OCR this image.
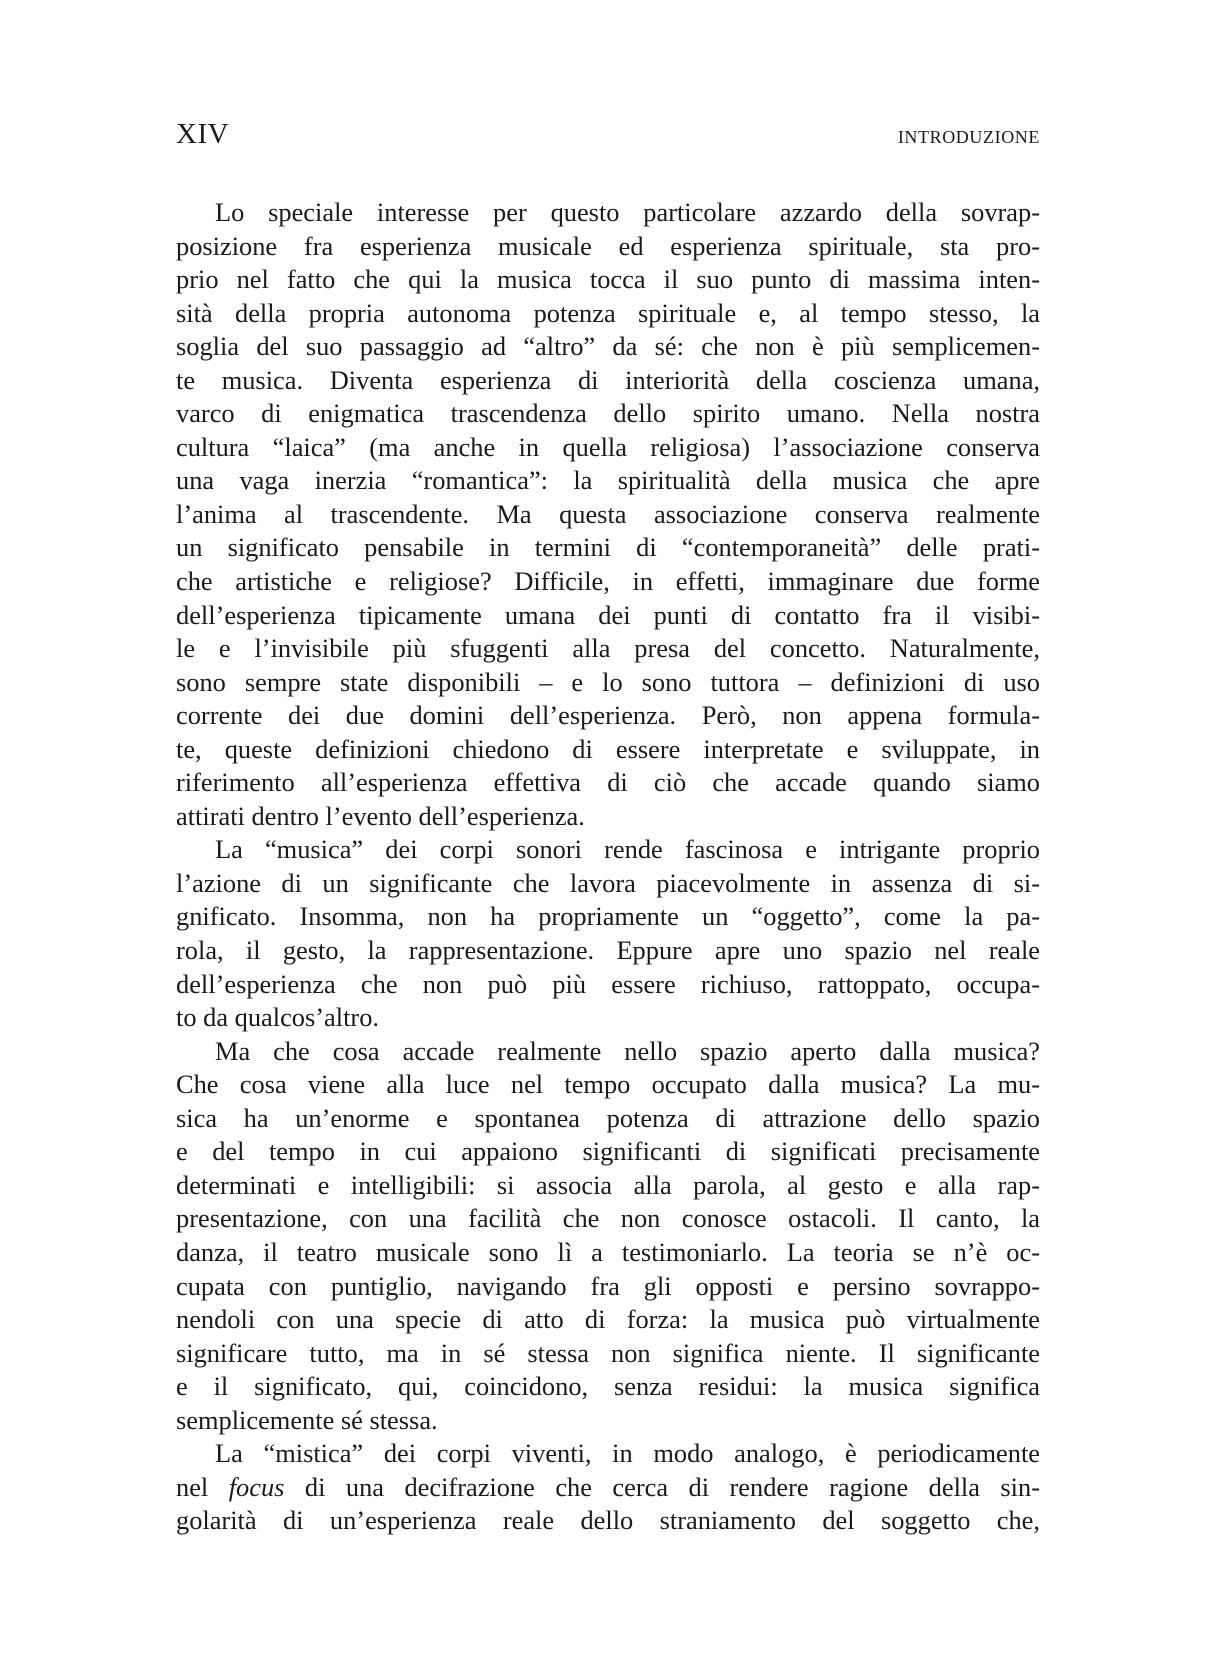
XIV	INTRODUZIONE
Lo speciale interesse per questo particolare azzardo della sovrap-
posizione fra esperienza musicale ed esperienza spirituale, sta pro-
prio nel fatto che qui la musica tocca il suo punto di massima inten-
sità della propria autonoma potenza spirituale e, al tempo stesso, la
soglia del suo passaggio ad “altro” da sé: che non è più semplicemen-
te musica. Diventa esperienza di interiorità della coscienza umana,
varco di enigmatica trascendenza dello spirito umano. Nella nostra
cultura “laica” (ma anche in quella religiosa) l’associazione conserva
una vaga inerzia “romantica”: la spiritualità della musica che apre
l’anima al trascendente. Ma questa associazione conserva realmente
un significato pensabile in termini di “contemporaneità” delle prati-
che artistiche e religiose? Difficile, in effetti, immaginare due forme
dell’esperienza tipicamente umana dei punti di contatto fra il visibi-
le e l’invisibile più sfuggenti alla presa del concetto. Naturalmente,
sono sempre state disponibili – e lo sono tuttora – definizioni di uso
corrente dei due domini dell’esperienza. Però, non appena formula-
te, queste definizioni chiedono di essere interpretate e sviluppate, in
riferimento all’esperienza effettiva di ciò che accade quando siamo
attirati dentro l’evento dell’esperienza.
La “musica” dei corpi sonori rende fascinosa e intrigante proprio
l’azione di un significante che lavora piacevolmente in assenza di si-
gnificato. Insomma, non ha propriamente un “oggetto”, come la pa-
rola, il gesto, la rappresentazione. Eppure apre uno spazio nel reale
dell’esperienza che non può più essere richiuso, rattoppato, occupa-
to da qualcos’altro.
Ma che cosa accade realmente nello spazio aperto dalla musica?
Che cosa viene alla luce nel tempo occupato dalla musica? La mu-
sica ha un’enorme e spontanea potenza di attrazione dello spazio
e del tempo in cui appaiono significanti di significati precisamente
determinati e intelligibili: si associa alla parola, al gesto e alla rap-
presentazione, con una facilità che non conosce ostacoli. Il canto, la
danza, il teatro musicale sono lì a testimoniarlo. La teoria se n’è oc-
cupata con puntiglio, navigando fra gli opposti e persino sovrappo-
nendoli con una specie di atto di forza: la musica può virtualmente
significare tutto, ma in sé stessa non significa niente. Il significante
e il significato, qui, coincidono, senza residui: la musica significa
semplicemente sé stessa.
La “mistica” dei corpi viventi, in modo analogo, è periodicamente
nel focus di una decifrazione che cerca di rendere ragione della sin-
golarità di un’esperienza reale dello straniamento del soggetto che,
